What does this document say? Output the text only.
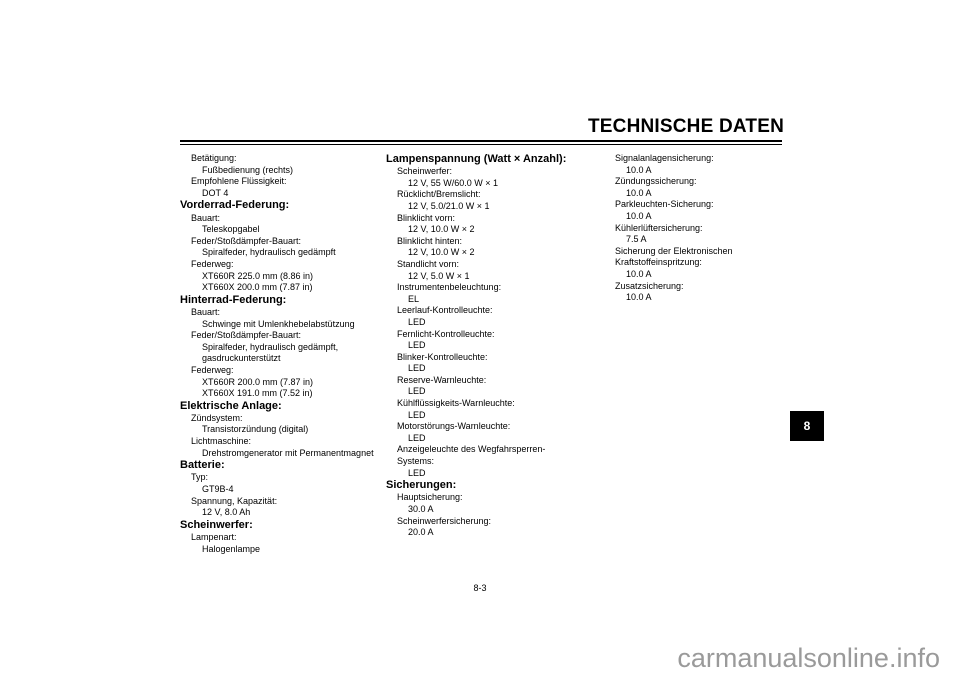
TECHNISCHE DATEN
Betätigung:
Fußbedienung (rechts)
Empfohlene Flüssigkeit:
DOT 4
Vorderrad-Federung:
Bauart:
Teleskopgabel
Feder/Stoßdämpfer-Bauart:
Spiralfeder, hydraulisch gedämpft
Federweg:
XT660R 225.0 mm (8.86 in)
XT660X 200.0 mm (7.87 in)
Hinterrad-Federung:
Bauart:
Schwinge mit Umlenkhebelabstützung
Feder/Stoßdämpfer-Bauart:
Spiralfeder, hydraulisch gedämpft,
gasdruckunterstützt
Federweg:
XT660R 200.0 mm (7.87 in)
XT660X 191.0 mm (7.52 in)
Elektrische Anlage:
Zündsystem:
Transistorzündung (digital)
Lichtmaschine:
Drehstromgenerator mit Permanentmagnet
Batterie:
Typ:
GT9B-4
Spannung, Kapazität:
12 V, 8.0 Ah
Scheinwerfer:
Lampenart:
Halogenlampe
Lampenspannung (Watt × Anzahl):
Scheinwerfer:
12 V, 55 W/60.0 W × 1
Rücklicht/Bremslicht:
12 V, 5.0/21.0 W × 1
Blinklicht vorn:
12 V, 10.0 W × 2
Blinklicht hinten:
12 V, 10.0 W × 2
Standlicht vorn:
12 V, 5.0 W × 1
Instrumentenbeleuchtung:
EL
Leerlauf-Kontrolleuchte:
LED
Fernlicht-Kontrolleuchte:
LED
Blinker-Kontrolleuchte:
LED
Reserve-Warnleuchte:
LED
Kühlflüssigkeits-Warnleuchte:
LED
Motorstörungs-Warnleuchte:
LED
Anzeigeleuchte des Wegfahrsperren-
Systems:
LED
Sicherungen:
Hauptsicherung:
30.0 A
Scheinwerfersicherung:
20.0 A
Signalanlagensicherung:
10.0 A
Zündungssicherung:
10.0 A
Parkleuchten-Sicherung:
10.0 A
Kühlerlüftersicherung:
7.5 A
Sicherung der Elektronischen
Kraftstoffeinspritzung:
10.0 A
Zusatzsicherung:
10.0 A
8
8-3
carmanualsonline.info
